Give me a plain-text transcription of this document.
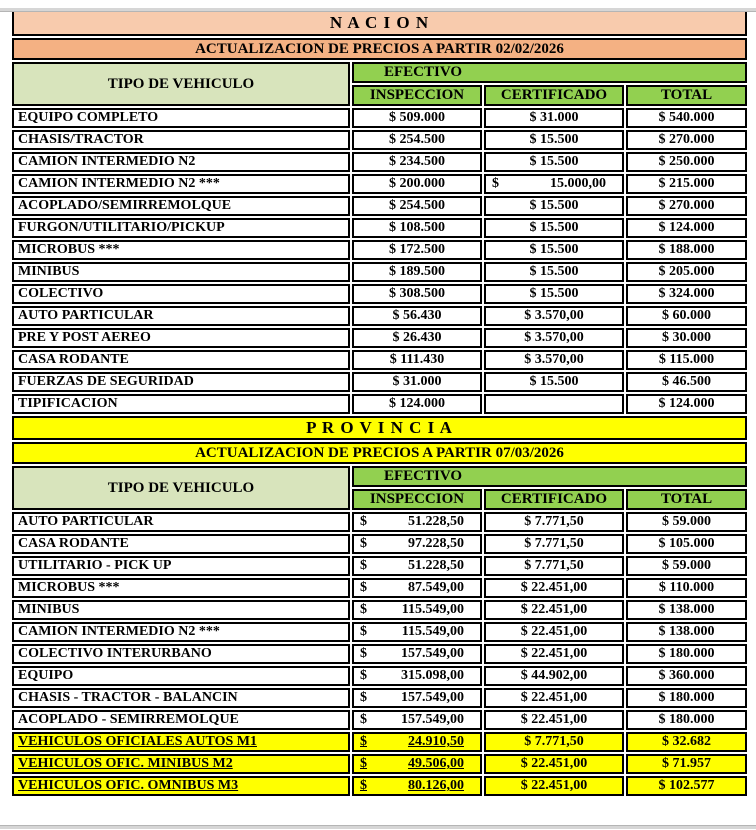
N A C I O N			
ACTUALIZACION DE PRECIOS A PARTIR 02/02/2026			
TIPO DE VEHICULO	EFECTIVO		
	INSPECCION	CERTIFICADO	TOTAL
EQUIPO COMPLETO	$ 509.000	$ 31.000	$ 540.000
CHASIS/TRACTOR	$ 254.500	$ 15.500	$ 270.000
CAMION INTERMEDIO N2	$ 234.500	$ 15.500	$ 250.000
CAMION INTERMEDIO N2 ***	$ 200.000	$ 15.000,00	$ 215.000
ACOPLADO/SEMIRREMOLQUE	$ 254.500	$ 15.500	$ 270.000
FURGON/UTILITARIO/PICKUP	$ 108.500	$ 15.500	$ 124.000
MICROBUS ***	$ 172.500	$ 15.500	$ 188.000
MINIBUS	$ 189.500	$ 15.500	$ 205.000
COLECTIVO	$ 308.500	$ 15.500	$ 324.000
AUTO PARTICULAR	$ 56.430	$ 3.570,00	$ 60.000
PRE Y POST AEREO	$ 26.430	$ 3.570,00	$ 30.000
CASA RODANTE	$ 111.430	$ 3.570,00	$ 115.000
FUERZAS DE SEGURIDAD	$ 31.000	$ 15.500	$ 46.500
TIPIFICACION	$ 124.000		$ 124.000
P R O V I N C I A			
ACTUALIZACION DE PRECIOS A PARTIR 07/03/2026			
TIPO DE VEHICULO	EFECTIVO		
	INSPECCION	CERTIFICADO	TOTAL
AUTO PARTICULAR	$ 51.228,50	$ 7.771,50	$ 59.000
CASA RODANTE	$ 97.228,50	$ 7.771,50	$ 105.000
UTILITARIO - PICK UP	$ 51.228,50	$ 7.771,50	$ 59.000
MICROBUS ***	$ 87.549,00	$ 22.451,00	$ 110.000
MINIBUS	$ 115.549,00	$ 22.451,00	$ 138.000
CAMION INTERMEDIO N2 ***	$ 115.549,00	$ 22.451,00	$ 138.000
COLECTIVO INTERURBANO	$ 157.549,00	$ 22.451,00	$ 180.000
EQUIPO	$ 315.098,00	$ 44.902,00	$ 360.000
CHASIS - TRACTOR - BALANCIN	$ 157.549,00	$ 22.451,00	$ 180.000
ACOPLADO - SEMIRREMOLQUE	$ 157.549,00	$ 22.451,00	$ 180.000
VEHICULOS OFICIALES AUTOS M1	$ 24.910,50	$ 7.771,50	$ 32.682
VEHICULOS OFIC. MINIBUS M2	$ 49.506,00	$ 22.451,00	$ 71.957
VEHICULOS OFIC. OMNIBUS M3	$ 80.126,00	$ 22.451,00	$ 102.577
